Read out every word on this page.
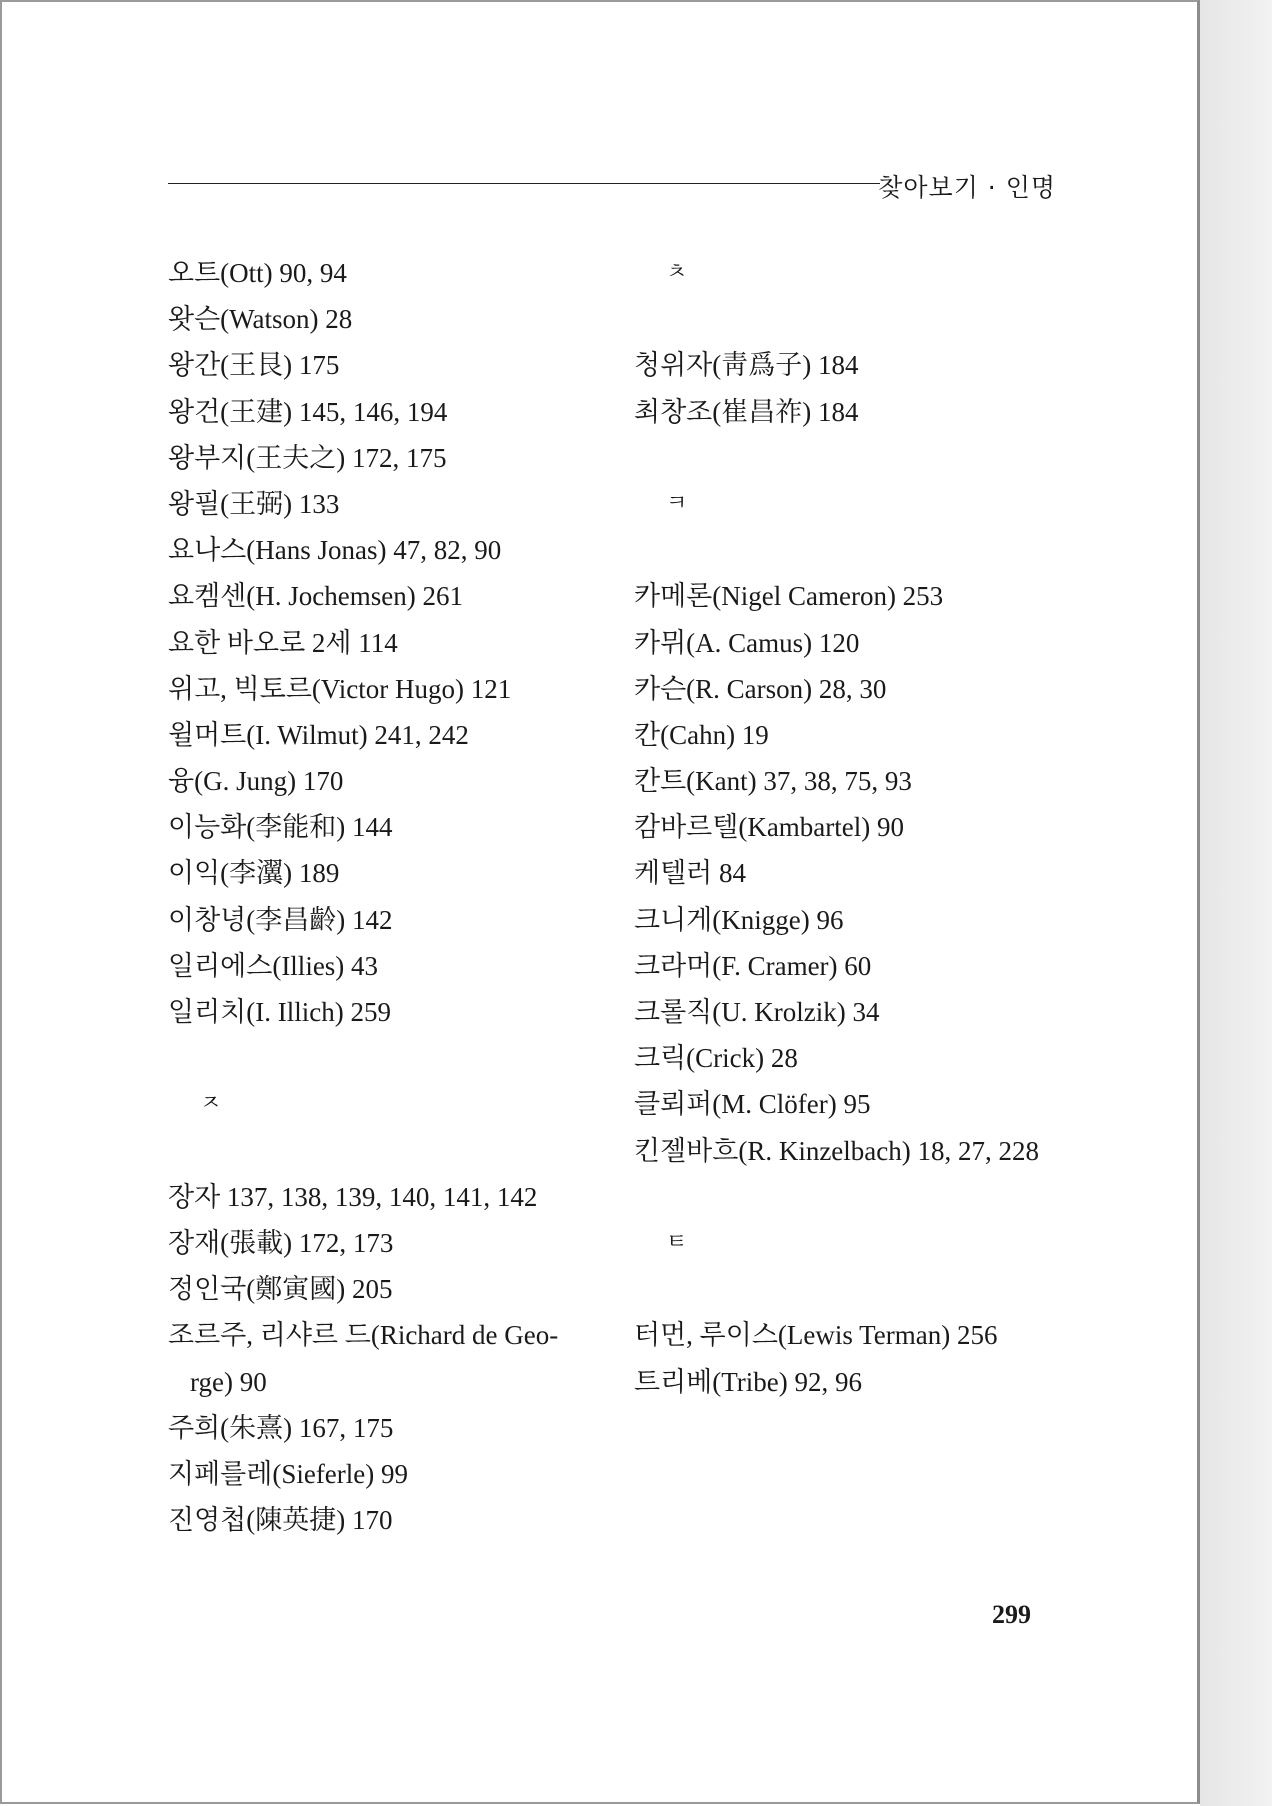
찾아보기 · 인명
오트(Ott) 90, 94
왓슨(Watson) 28
왕간(王艮) 175
왕건(王建) 145, 146, 194
왕부지(王夫之) 172, 175
왕필(王弼) 133
요나스(Hans Jonas) 47, 82, 90
요켐센(H. Jochemsen) 261
요한 바오로 2세 114
위고, 빅토르(Victor Hugo) 121
윌머트(I. Wilmut) 241, 242
융(G. Jung) 170
이능화(李能和) 144
이익(李瀷) 189
이창녕(李昌齡) 142
일리에스(Illies) 43
일리치(I. Illich) 259
ㅈ
장자 137, 138, 139, 140, 141, 142
장재(張載) 172, 173
정인국(鄭寅國) 205
조르주, 리샤르 드(Richard de Geo-
rge) 90
주희(朱熹) 167, 175
지페를레(Sieferle) 99
진영첩(陳英捷) 170
ㅊ
청위자(靑爲子) 184
최창조(崔昌祚) 184
ㅋ
카메론(Nigel Cameron) 253
카뮈(A. Camus) 120
카슨(R. Carson) 28, 30
칸(Cahn) 19
칸트(Kant) 37, 38, 75, 93
캄바르텔(Kambartel) 90
케텔러 84
크니게(Knigge) 96
크라머(F. Cramer) 60
크롤직(U. Krolzik) 34
크릭(Crick) 28
클뢰퍼(M. Clöfer) 95
킨젤바흐(R. Kinzelbach) 18, 27, 228
ㅌ
터먼, 루이스(Lewis Terman) 256
트리베(Tribe) 92, 96
299
